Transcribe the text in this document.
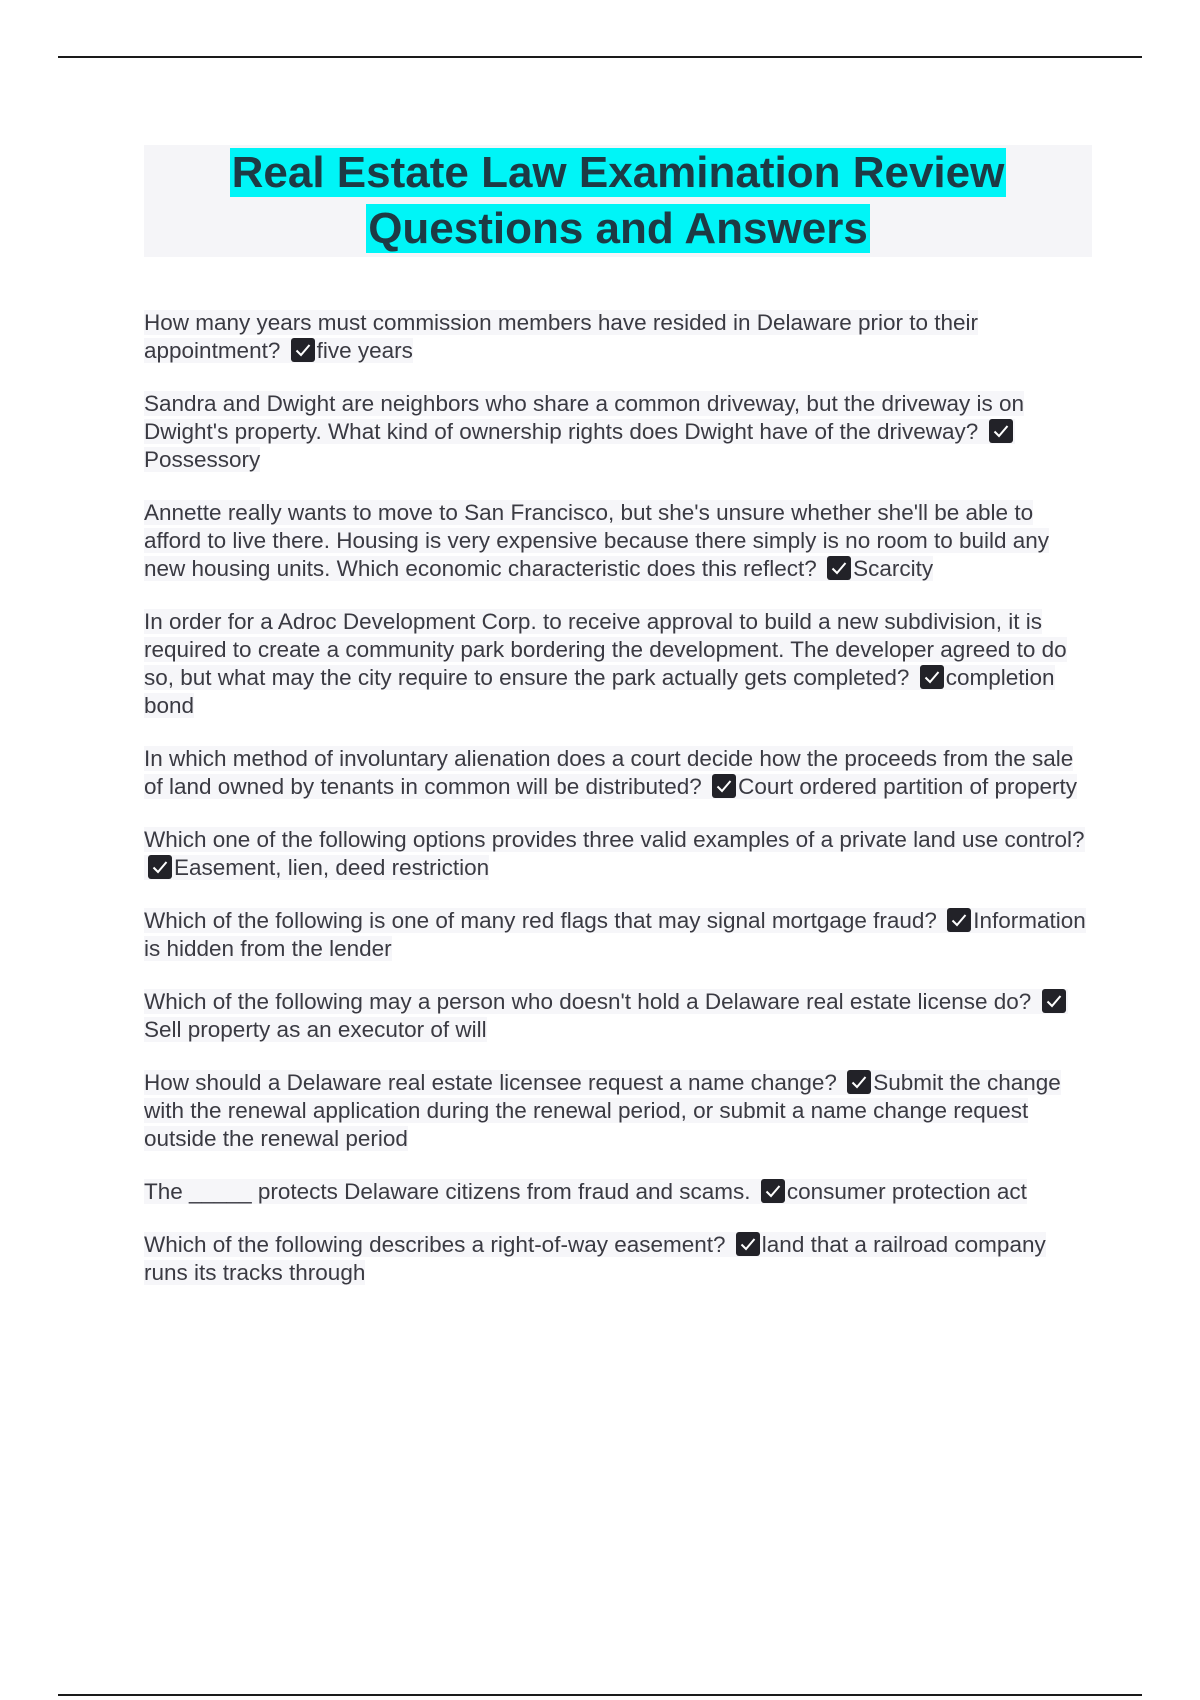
Real Estate Law Examination Review
Questions and Answers

How many years must commission members have resided in Delaware prior to their appointment? five years

Sandra and Dwight are neighbors who share a common driveway, but the driveway is on Dwight's property. What kind of ownership rights does Dwight have of the driveway?
Possessory

Annette really wants to move to San Francisco, but she's unsure whether she'll be able to afford to live there. Housing is very expensive because there simply is no room to build any new housing units. Which economic characteristic does this reflect? Scarcity

In order for a Adroc Development Corp. to receive approval to build a new subdivision, it is required to create a community park bordering the development. The developer agreed to do so, but what may the city require to ensure the park actually gets completed? completion bond

In which method of involuntary alienation does a court decide how the proceeds from the sale of land owned by tenants in common will be distributed? Court ordered partition of property

Which one of the following options provides three valid examples of a private land use control?
Easement, lien, deed restriction

Which of the following is one of many red flags that may signal mortgage fraud? Information is hidden from the lender

Which of the following may a person who doesn't hold a Delaware real estate license do?
Sell property as an executor of will

How should a Delaware real estate licensee request a name change? Submit the change with the renewal application during the renewal period, or submit a name change request outside the renewal period

The _____ protects Delaware citizens from fraud and scams. consumer protection act

Which of the following describes a right-of-way easement? land that a railroad company runs its tracks through
